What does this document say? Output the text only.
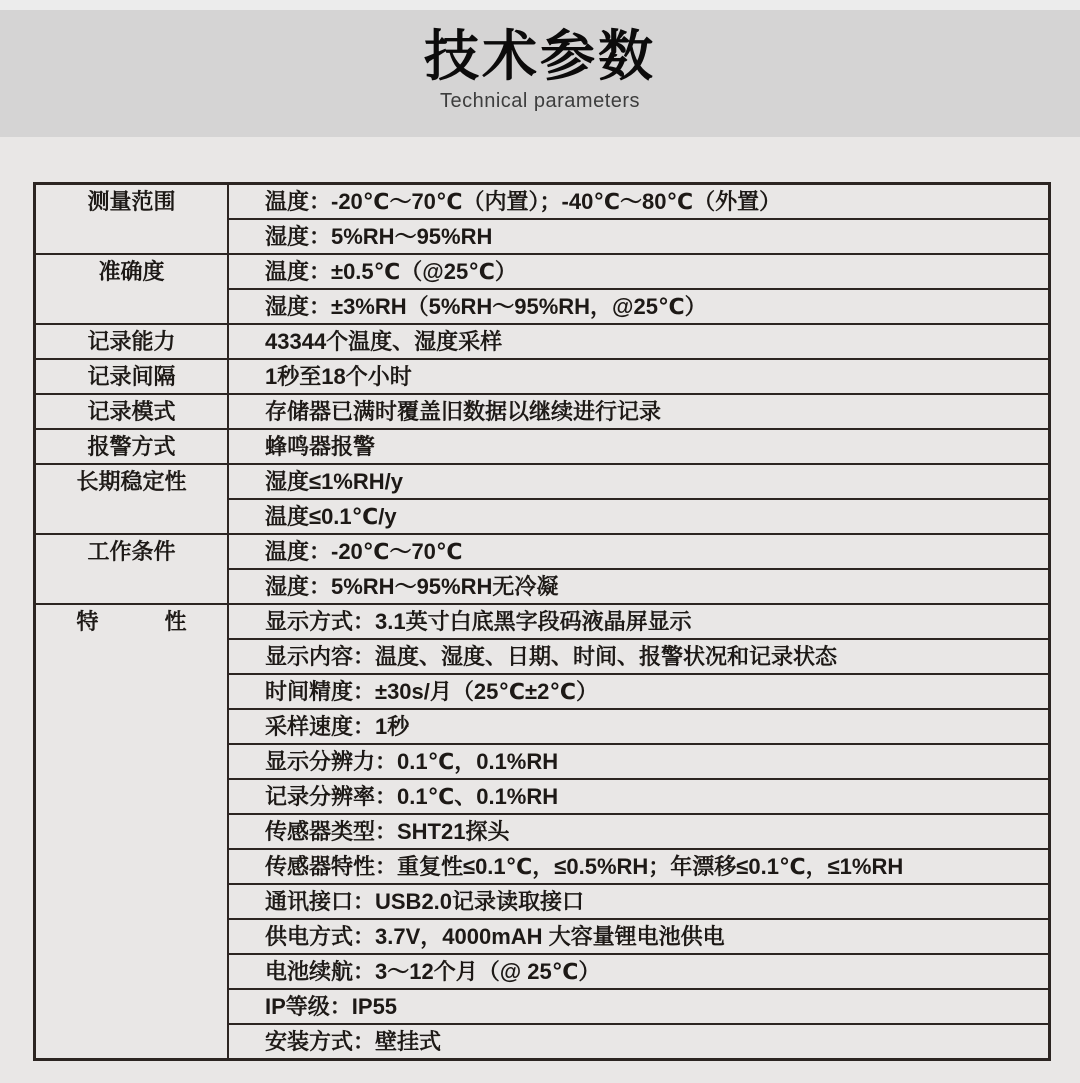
技术参数
Technical parameters
测量范围	温度：-20℃～70℃（内置）；-40℃～80℃（外置）
	湿度：5%RH～95%RH
准确度	温度：±0.5℃（@25℃）
	湿度：±3%RH（5%RH～95%RH，@25℃）
记录能力	43344个温度、湿度采样
记录间隔	1秒至18个小时
记录模式	存储器已满时覆盖旧数据以继续进行记录
报警方式	蜂鸣器报警
长期稳定性	湿度≤1%RH/y
	温度≤0.1℃/y
工作条件	温度：-20℃～70℃
	湿度：5%RH～95%RH无冷凝
特　　　性	显示方式：3.1英寸白底黑字段码液晶屏显示
	显示内容：温度、湿度、日期、时间、报警状况和记录状态
	时间精度：±30s/月（25℃±2℃）
	采样速度：1秒
	显示分辨力：0.1℃，0.1%RH
	记录分辨率：0.1℃、0.1%RH
	传感器类型：SHT21探头
	传感器特性：重复性≤0.1℃，≤0.5%RH；年漂移≤0.1℃，≤1%RH
	通讯接口：USB2.0记录读取接口
	供电方式：3.7V，4000mAH 大容量锂电池供电
	电池续航：3～12个月（@ 25℃）
	IP等级：IP55
	安装方式：壁挂式
